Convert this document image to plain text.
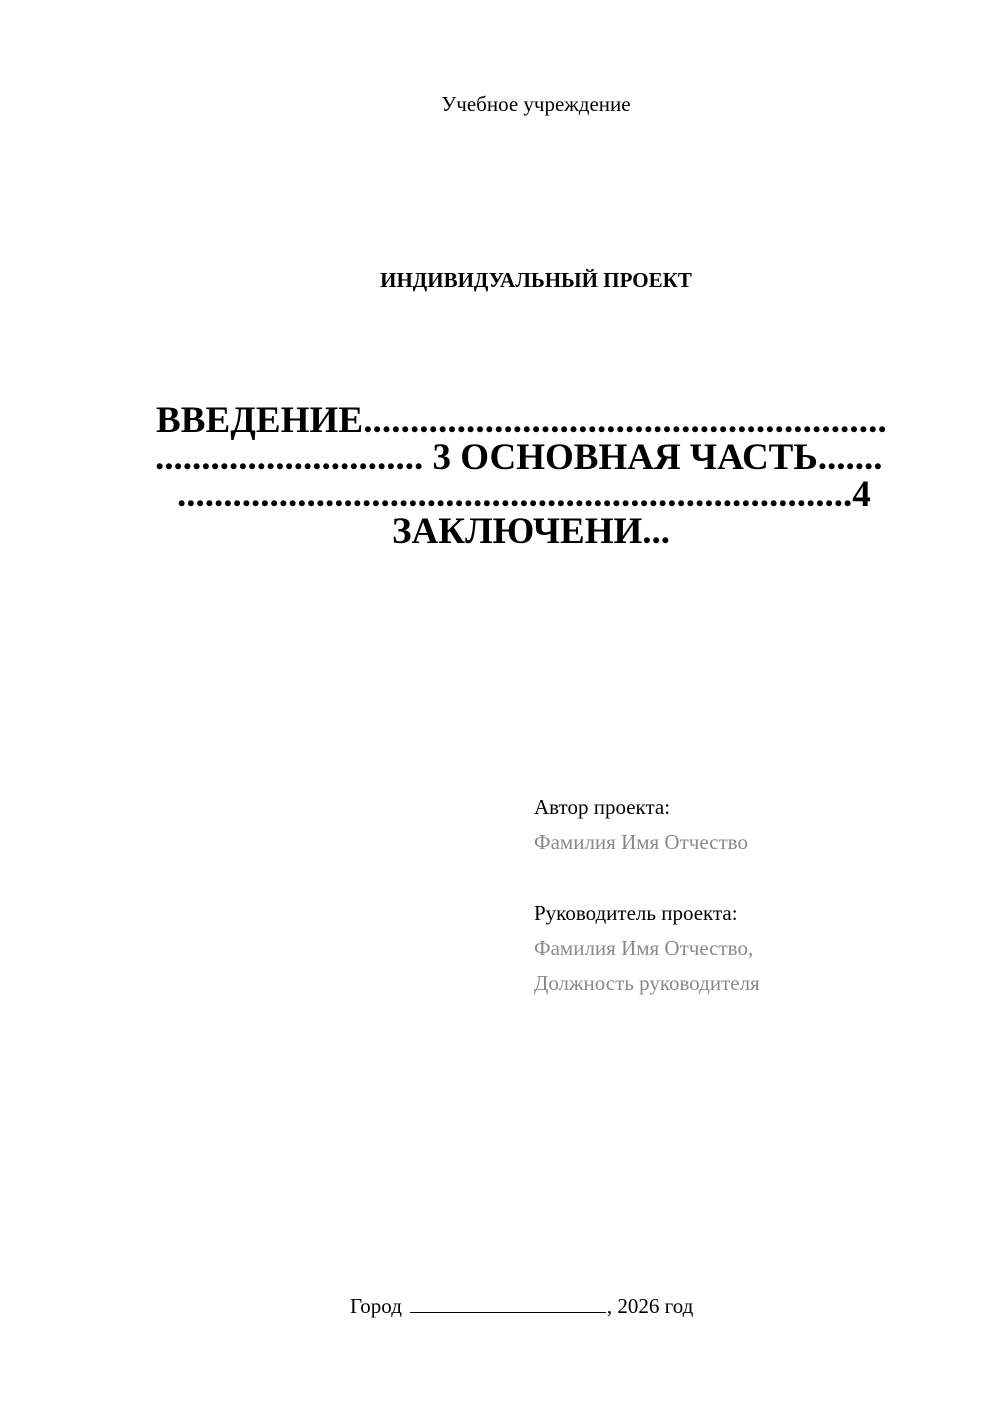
Учебное учреждение
ИНДИВИДУАЛЬНЫЙ ПРОЕКТ
ВВЕДЕНИЕ........................................................
............................. 3 ОСНОВНАЯ ЧАСТЬ.......
.........................................................................4
ЗАКЛЮЧЕНИ...
Автор проекта:
Фамилия Имя Отчество
Руководитель проекта:
Фамилия Имя Отчество,
Должность руководителя
Город	, 2026 год
